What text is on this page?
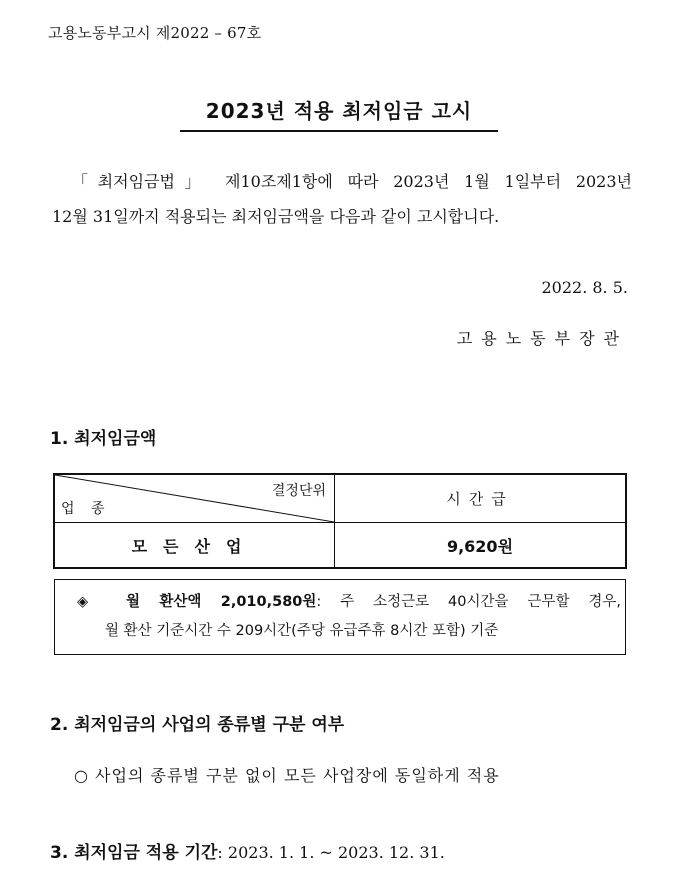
고용노동부고시 제2022 – 67호
2023년 적용 최저임금 고시
「최저임금법」 제10조제1항에 따라 2023년 1월 1일부터 2023년
12월 31일까지 적용되는 최저임금액을 다음과 같이 고시합니다.
2022. 8. 5.
고용노동부장관
1. 최저임금액
결정단위
업 종	시간급
모든산업	9,620원
◈	월 환산액 2,010,580원: 주 소정근로 40시간을 근무할 경우,
월 환산 기준시간 수 209시간(주당 유급주휴 8시간 포함) 기준
2. 최저임금의 사업의 종류별 구분 여부
○ 사업의 종류별 구분 없이 모든 사업장에 동일하게 적용
3. 최저임금 적용 기간: 2023. 1. 1. ~ 2023. 12. 31.
